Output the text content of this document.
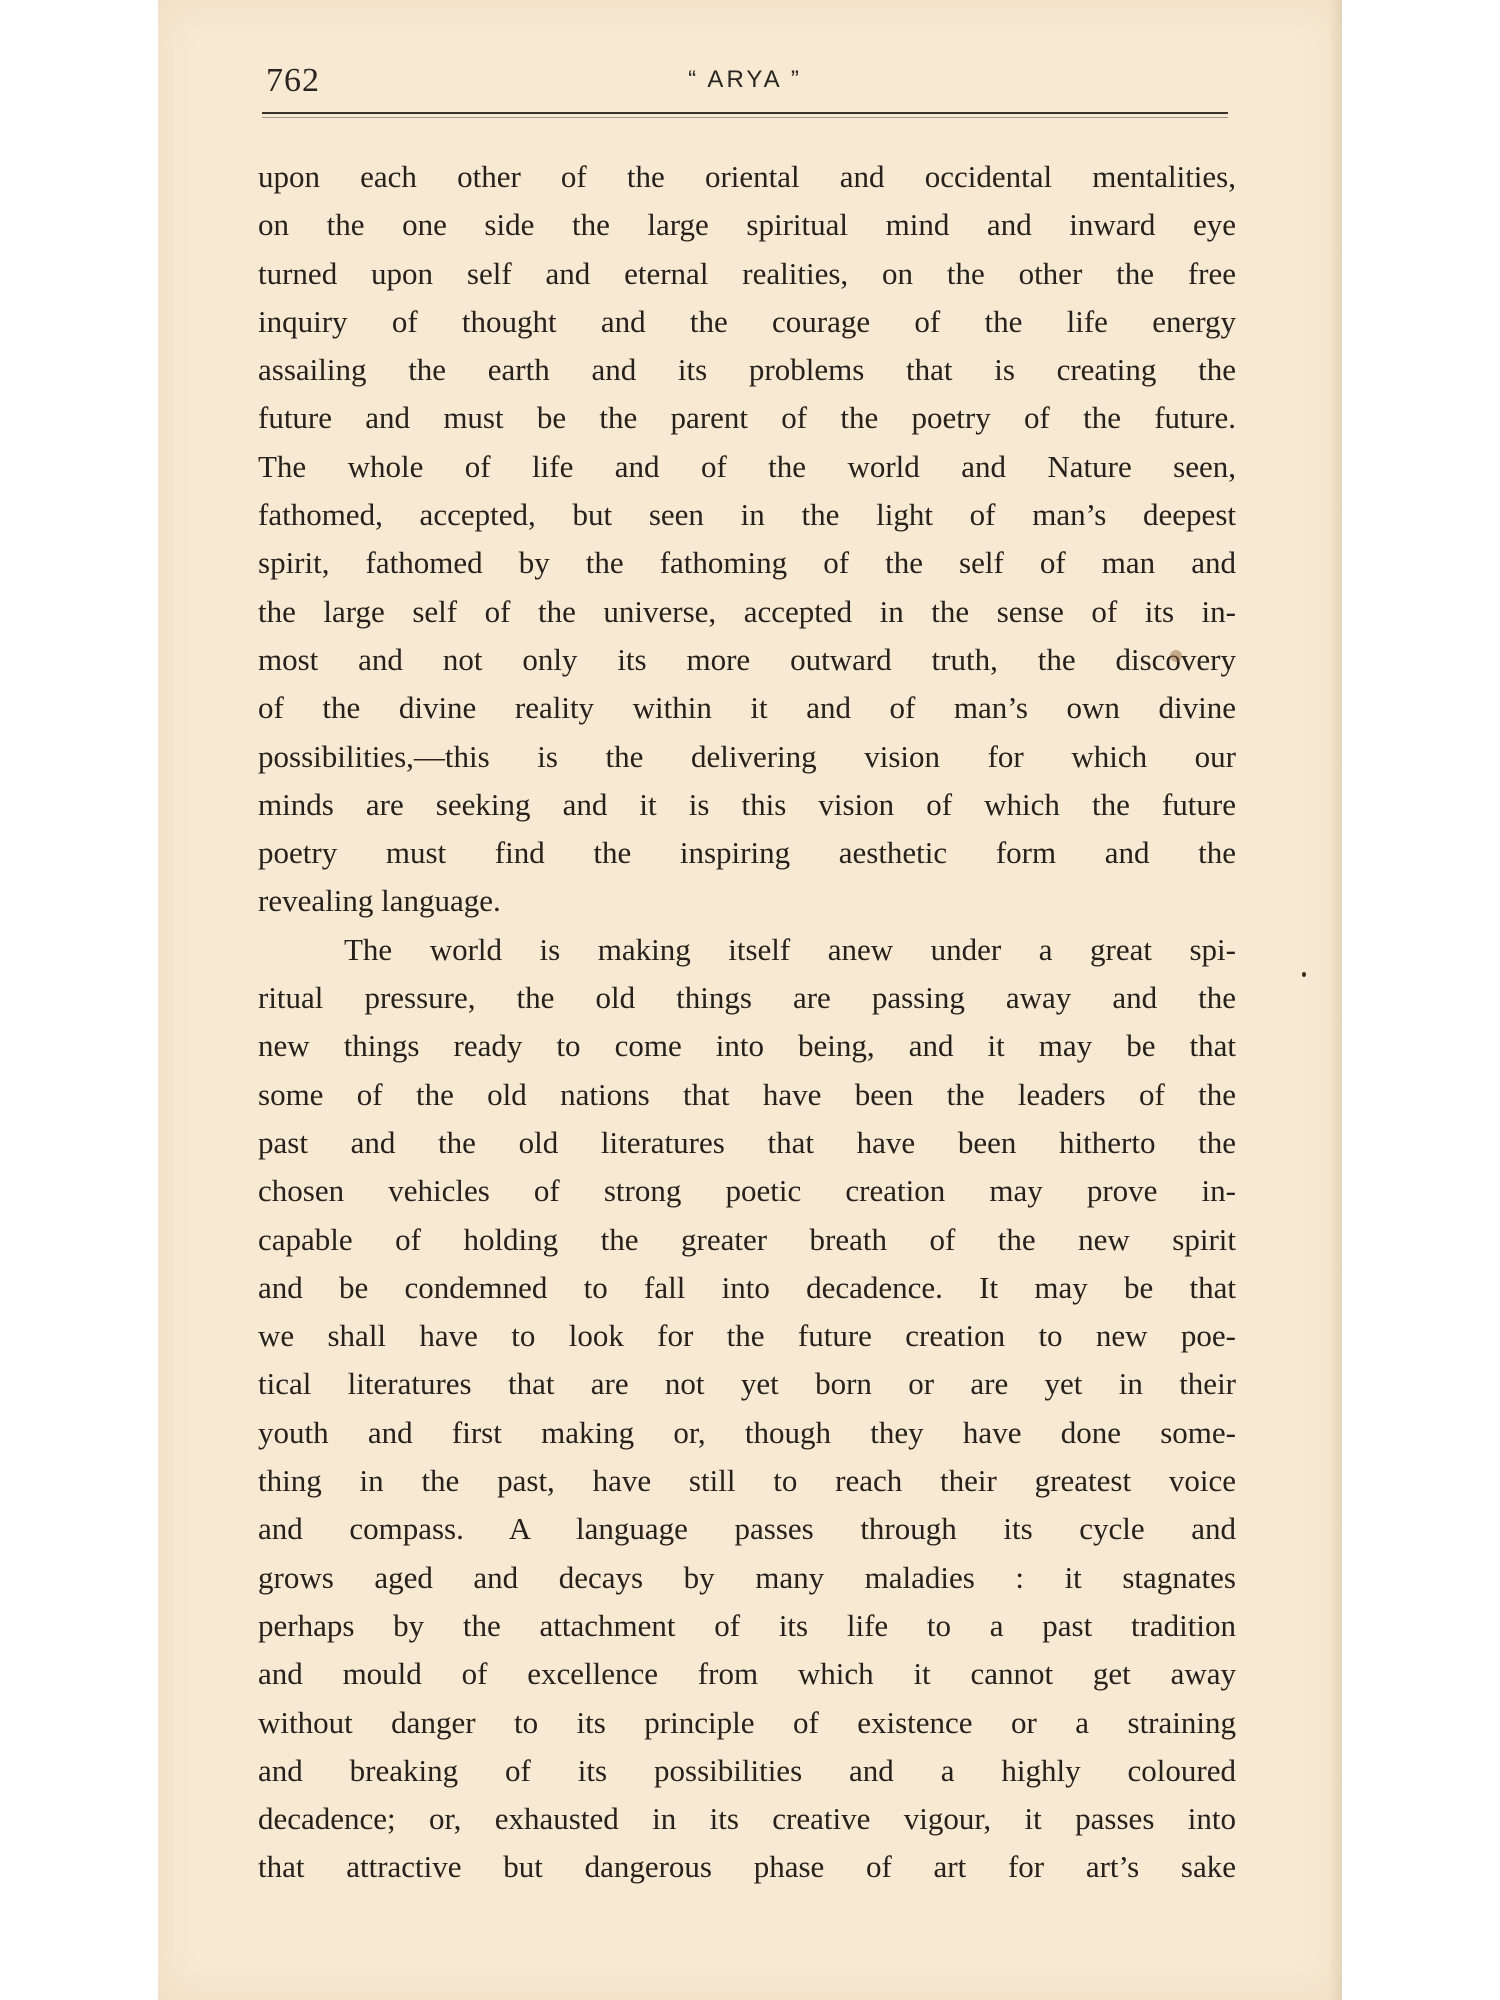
762	“ ARYA ”
upon each other of the oriental and occidental mentalities,
on the one side the large spiritual mind and inward eye
turned upon self and eternal realities, on the other the free
inquiry of thought and the courage of the life energy
assailing the earth and its problems that is creating the
future and must be the parent of the poetry of the future.
The whole of life and of the world and Nature seen,
fathomed, accepted, but seen in the light of man’s deepest
spirit, fathomed by the fathoming of the self of man and
the large self of the universe, accepted in the sense of its in-
most and not only its more outward truth, the discovery
of the divine reality within it and of man’s own divine
possibilities,—this is the delivering vision for which our
minds are seeking and it is this vision of which the future
poetry must find the inspiring aesthetic form and the
revealing language.
The world is making itself anew under a great spi-
ritual pressure, the old things are passing away and the
new things ready to come into being, and it may be that
some of the old nations that have been the leaders of the
past and the old literatures that have been hitherto the
chosen vehicles of strong poetic creation may prove in-
capable of holding the greater breath of the new spirit
and be condemned to fall into decadence. It may be that
we shall have to look for the future creation to new poe-
tical literatures that are not yet born or are yet in their
youth and first making or, though they have done some-
thing in the past, have still to reach their greatest voice
and compass. A language passes through its cycle and
grows aged and decays by many maladies : it stagnates
perhaps by the attachment of its life to a past tradition
and mould of excellence from which it cannot get away
without danger to its principle of existence or a straining
and breaking of its possibilities and a highly coloured
decadence; or, exhausted in its creative vigour, it passes into
that attractive but dangerous phase of art for art’s sake
